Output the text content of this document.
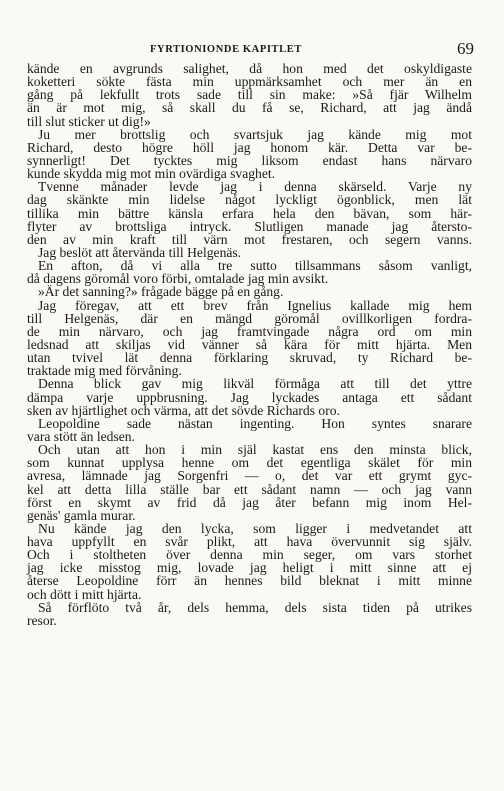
FYRTIONIONDE KAPITLET	69
kände en avgrunds salighet, då hon med det oskyldigaste
koketteri sökte fästa min uppmärksamhet och mer än en
gång på lekfullt trots sade till sin make: »Så fjär Wilhelm
än är mot mig, så skall du få se, Richard, att jag ändå
till slut sticker ut dig!»
Ju mer brottslig och svartsjuk jag kände mig mot
Richard, desto högre höll jag honom kär. Detta var be-
synnerligt! Det tycktes mig liksom endast hans närvaro
kunde skydda mig mot min ovärdiga svaghet.
Tvenne månader levde jag i denna skärseld. Varje ny
dag skänkte min lidelse något lyckligt ögonblick, men lät
tillika min bättre känsla erfara hela den bävan, som här-
flyter av brottsliga intryck. Slutligen manade jag återsto-
den av min kraft till värn mot frestaren, och segern vanns.
Jag beslöt att återvända till Helgenäs.
En afton, då vi alla tre sutto tillsammans såsom vanligt,
då dagens göromål voro förbi, omtalade jag min avsikt.
»Är det sanning?» frågade bägge på en gång.
Jag föregav, att ett brev från Ignelius kallade mig hem
till Helgenäs, där en mängd göromål ovillkorligen fordra-
de min närvaro, och jag framtvingade några ord om min
ledsnad att skiljas vid vänner så kära för mitt hjärta. Men
utan tvivel lät denna förklaring skruvad, ty Richard be-
traktade mig med förvåning.
Denna blick gav mig likväl förmåga att till det yttre
dämpa varje uppbrusning. Jag lyckades antaga ett sådant
sken av hjärtlighet och värma, att det sövde Richards oro.
Leopoldine sade nästan ingenting. Hon syntes snarare
vara stött än ledsen.
Och utan att hon i min själ kastat ens den minsta blick,
som kunnat upplysa henne om det egentliga skälet för min
avresa, lämnade jag Sorgenfri — o, det var ett grymt gyc-
kel att detta lilla ställe bar ett sådant namn — och jag vann
först en skymt av frid då jag åter befann mig inom Hel-
genäs' gamla murar.
Nu kände jag den lycka, som ligger i medvetandet att
hava uppfyllt en svår plikt, att hava övervunnit sig själv.
Och i stoltheten över denna min seger, om vars storhet
jag icke misstog mig, lovade jag heligt i mitt sinne att ej
återse Leopoldine förr än hennes bild bleknat i mitt minne
och dött i mitt hjärta.
Så förflöto två år, dels hemma, dels sista tiden på utrikes
resor.
